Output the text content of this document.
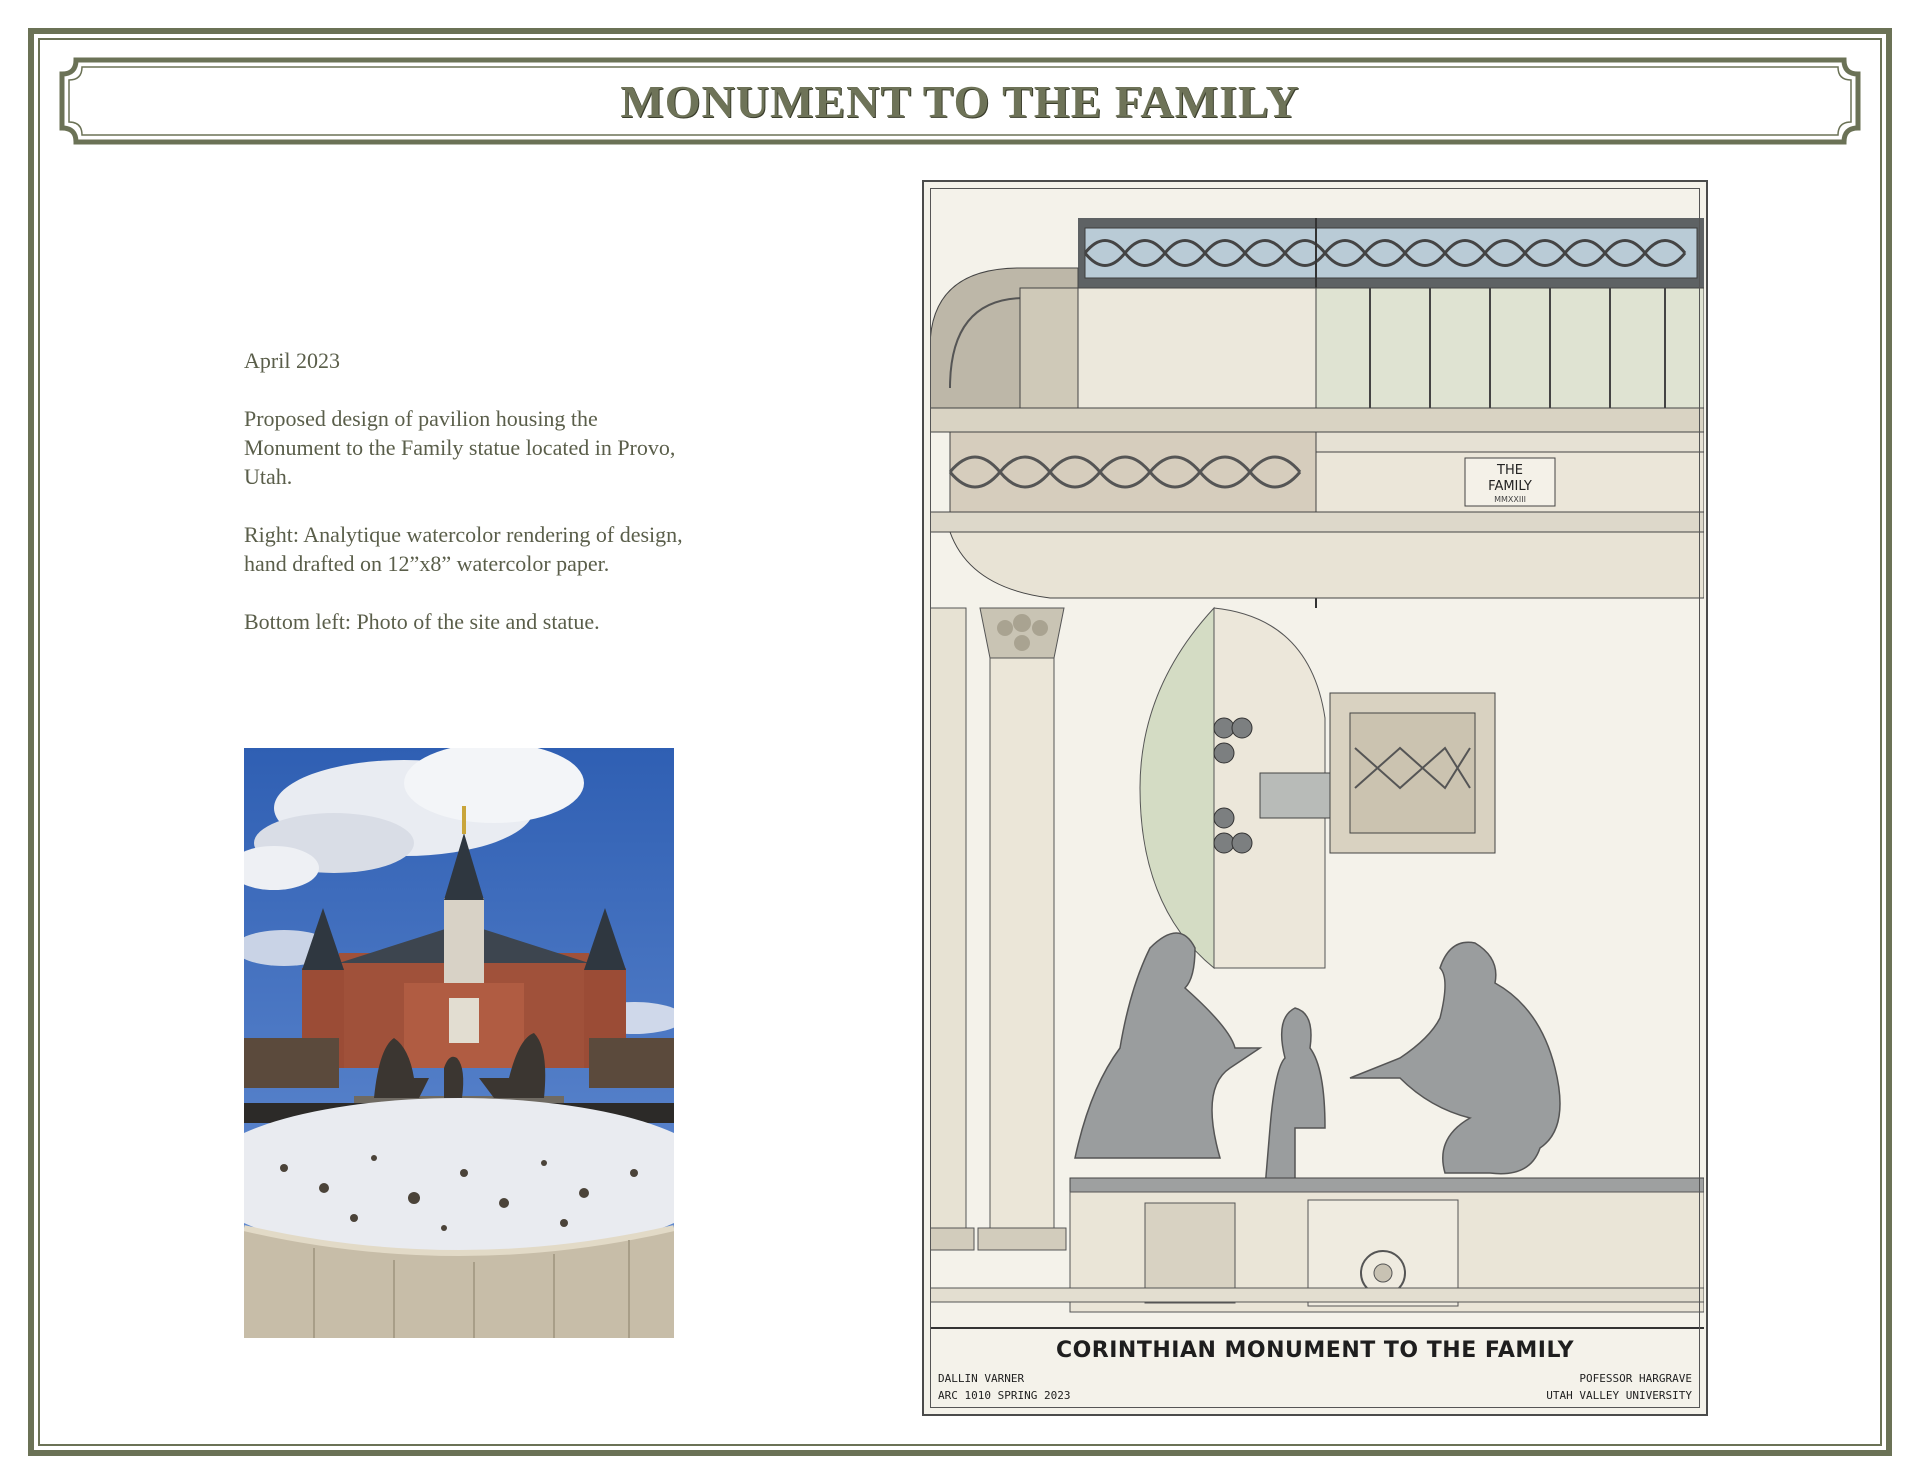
MONUMENT TO THE FAMILY

April 2023

Proposed design of pavilion housing the Monument to the Family statue located in Provo, Utah.

Right: Analytique watercolor rendering of design, hand drafted on 12”x8” watercolor paper.

Bottom left: Photo of the site and statue.

THE
FAMILY
MMXXIII
CORINTHIAN MONUMENT TO THE FAMILY
DALLIN VARNER
ARC 1010 SPRING 2023
POFESSOR HARGRAVE
UTAH VALLEY UNIVERSITY
